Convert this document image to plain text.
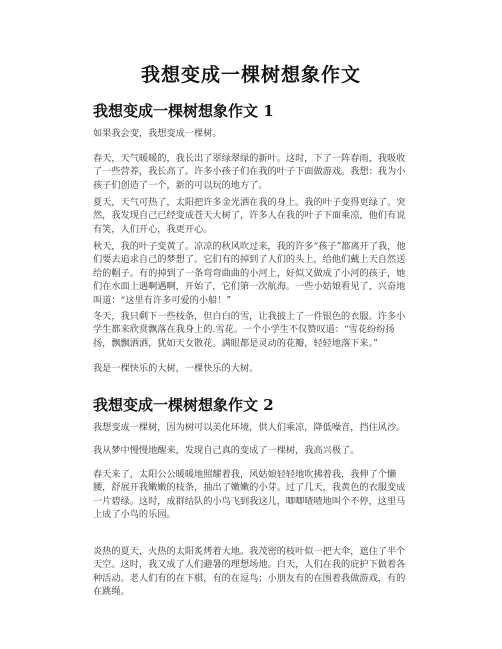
我想变成一棵树想象作文
我想变成一棵树想象作文 1
如果我会变，我想变成一棵树。
春天，天气暖暖的，我长出了翠绿翠绿的新叶。这时，下了一阵春雨，我吸收了一些营养，我长高了。许多小孩子们在我的叶子下面做游戏。我想：我为小孩子们创造了一个，新的可以玩的地方了。
夏天，天气可热了，太阳把许多金光洒在我的身上。我的叶子变得更绿了。突然，我发现自己已经变成苍天大树了，许多人在我的叶子下面乘凉，他们有说有笑，人们开心，我更开心。
秋天，我的叶子变黄了。凉凉的秋风吹过来，我的许多“孩子”都离开了我，他们要去追求自己的梦想了。它们有的掉到了人们的头上，给他们戴上天自然送给的帽子。有的掉到了一条弯弯曲曲的小河上，好似又做成了小河的孩子，她们在水面上遇啊遇啊，开始了，它们第一次航海。一些小姑娘看见了，兴奋地叫道：“这里有许多可爱的小船！”
冬天，我只剩下一些枝条，但白白的雪，让我披上了一件银色的衣服。许多小学生都来欣赏飘落在我身上的.雪花。一个小学生不仅赞叹道：“雪花纷纷扬扬，飘飘洒洒，犹如天女散花。满眼都是灵动的花瓣，轻轻地落下来。”
我是一棵快乐的大树，一棵快乐的大树。
我想变成一棵树想象作文 2
我想变成一棵树，因为树可以美化环境，供人们乘凉，降低噪音，挡住风沙。
我从梦中慢慢地醒来，发现自己真的变成了一棵树，我高兴极了。
春天来了，太阳公公暖暖地照耀着我，风姑娘轻轻地吹拂着我，我伸了个懒腰，舒展开我嫩嫩的枝条，抽出了嫩嫩的小芽。过了几天，我黄色的衣服变成一片碧绿。这时，成群结队的小鸟飞到我这儿，唧唧喳喳地叫个不停，这里马上成了小鸟的乐园。
炎热的夏天，火热的太阳炙烤着大地。我茂密的枝叶似一把大伞，遮住了半个天空。这时，我又成了人们避暑的理想场地。白天，人们在我的庇护下做着各种活动。老人们有的在下棋，有的在逗鸟；小朋友有的在围着我做游戏，有的在跳绳。
